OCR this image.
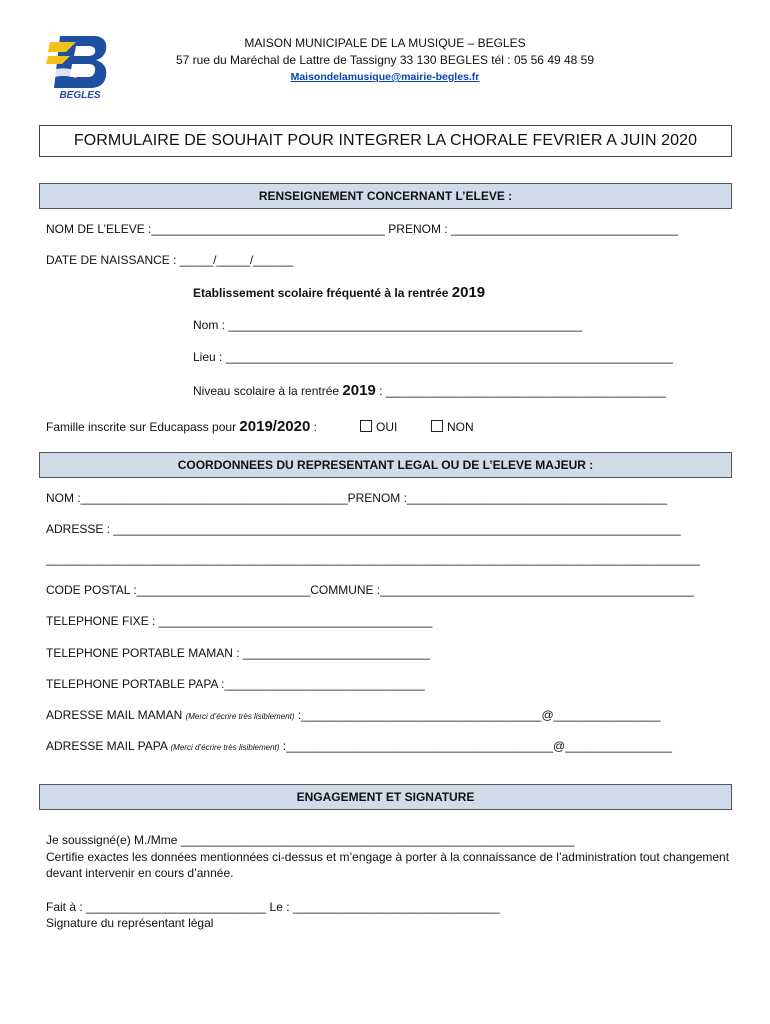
BEGLES
MAISON MUNICIPALE DE LA MUSIQUE – BEGLES
57 rue du Maréchal de Lattre de Tassigny 33 130 BEGLES tél : 05 56 49 48 59
Maisondelamusique@mairie-begles.fr
FORMULAIRE DE SOUHAIT POUR INTEGRER LA CHORALE FEVRIER A JUIN 2020
RENSEIGNEMENT CONCERNANT L’ELEVE :
NOM DE L’ELEVE :___________________________________ PRENOM : __________________________________
DATE DE NAISSANCE : _____/_____/______
Etablissement scolaire fréquenté à la rentrée 2019
Nom : _____________________________________________________
Lieu : ___________________________________________________________________
Niveau scolaire à la rentrée 2019 : __________________________________________
Famille inscrite sur Educapass pour 2019/2020 :	OUI	NON
COORDONNEES DU REPRESENTANT LEGAL OU DE L’ELEVE MAJEUR :
NOM :________________________________________PRENOM :_______________________________________
ADRESSE : _____________________________________________________________________________________
__________________________________________________________________________________________________
CODE POSTAL :__________________________COMMUNE :_______________________________________________
TELEPHONE FIXE : _________________________________________
TELEPHONE PORTABLE MAMAN : ____________________________
TELEPHONE PORTABLE PAPA :______________________________
ADRESSE MAIL MAMAN (Merci d’écrire très lisiblement) :____________________________________@________________
ADRESSE MAIL PAPA (Merci d’écrire très lisiblement) :________________________________________@________________
ENGAGEMENT ET SIGNATURE
Je soussigné(e) M./Mme ___________________________________________________________
Certifie exactes les données mentionnées ci-dessus et m’engage à porter à la connaissance de l’administration tout changement devant intervenir en cours d’année.
Fait à : ___________________________ Le : _______________________________
Signature du représentant légal
